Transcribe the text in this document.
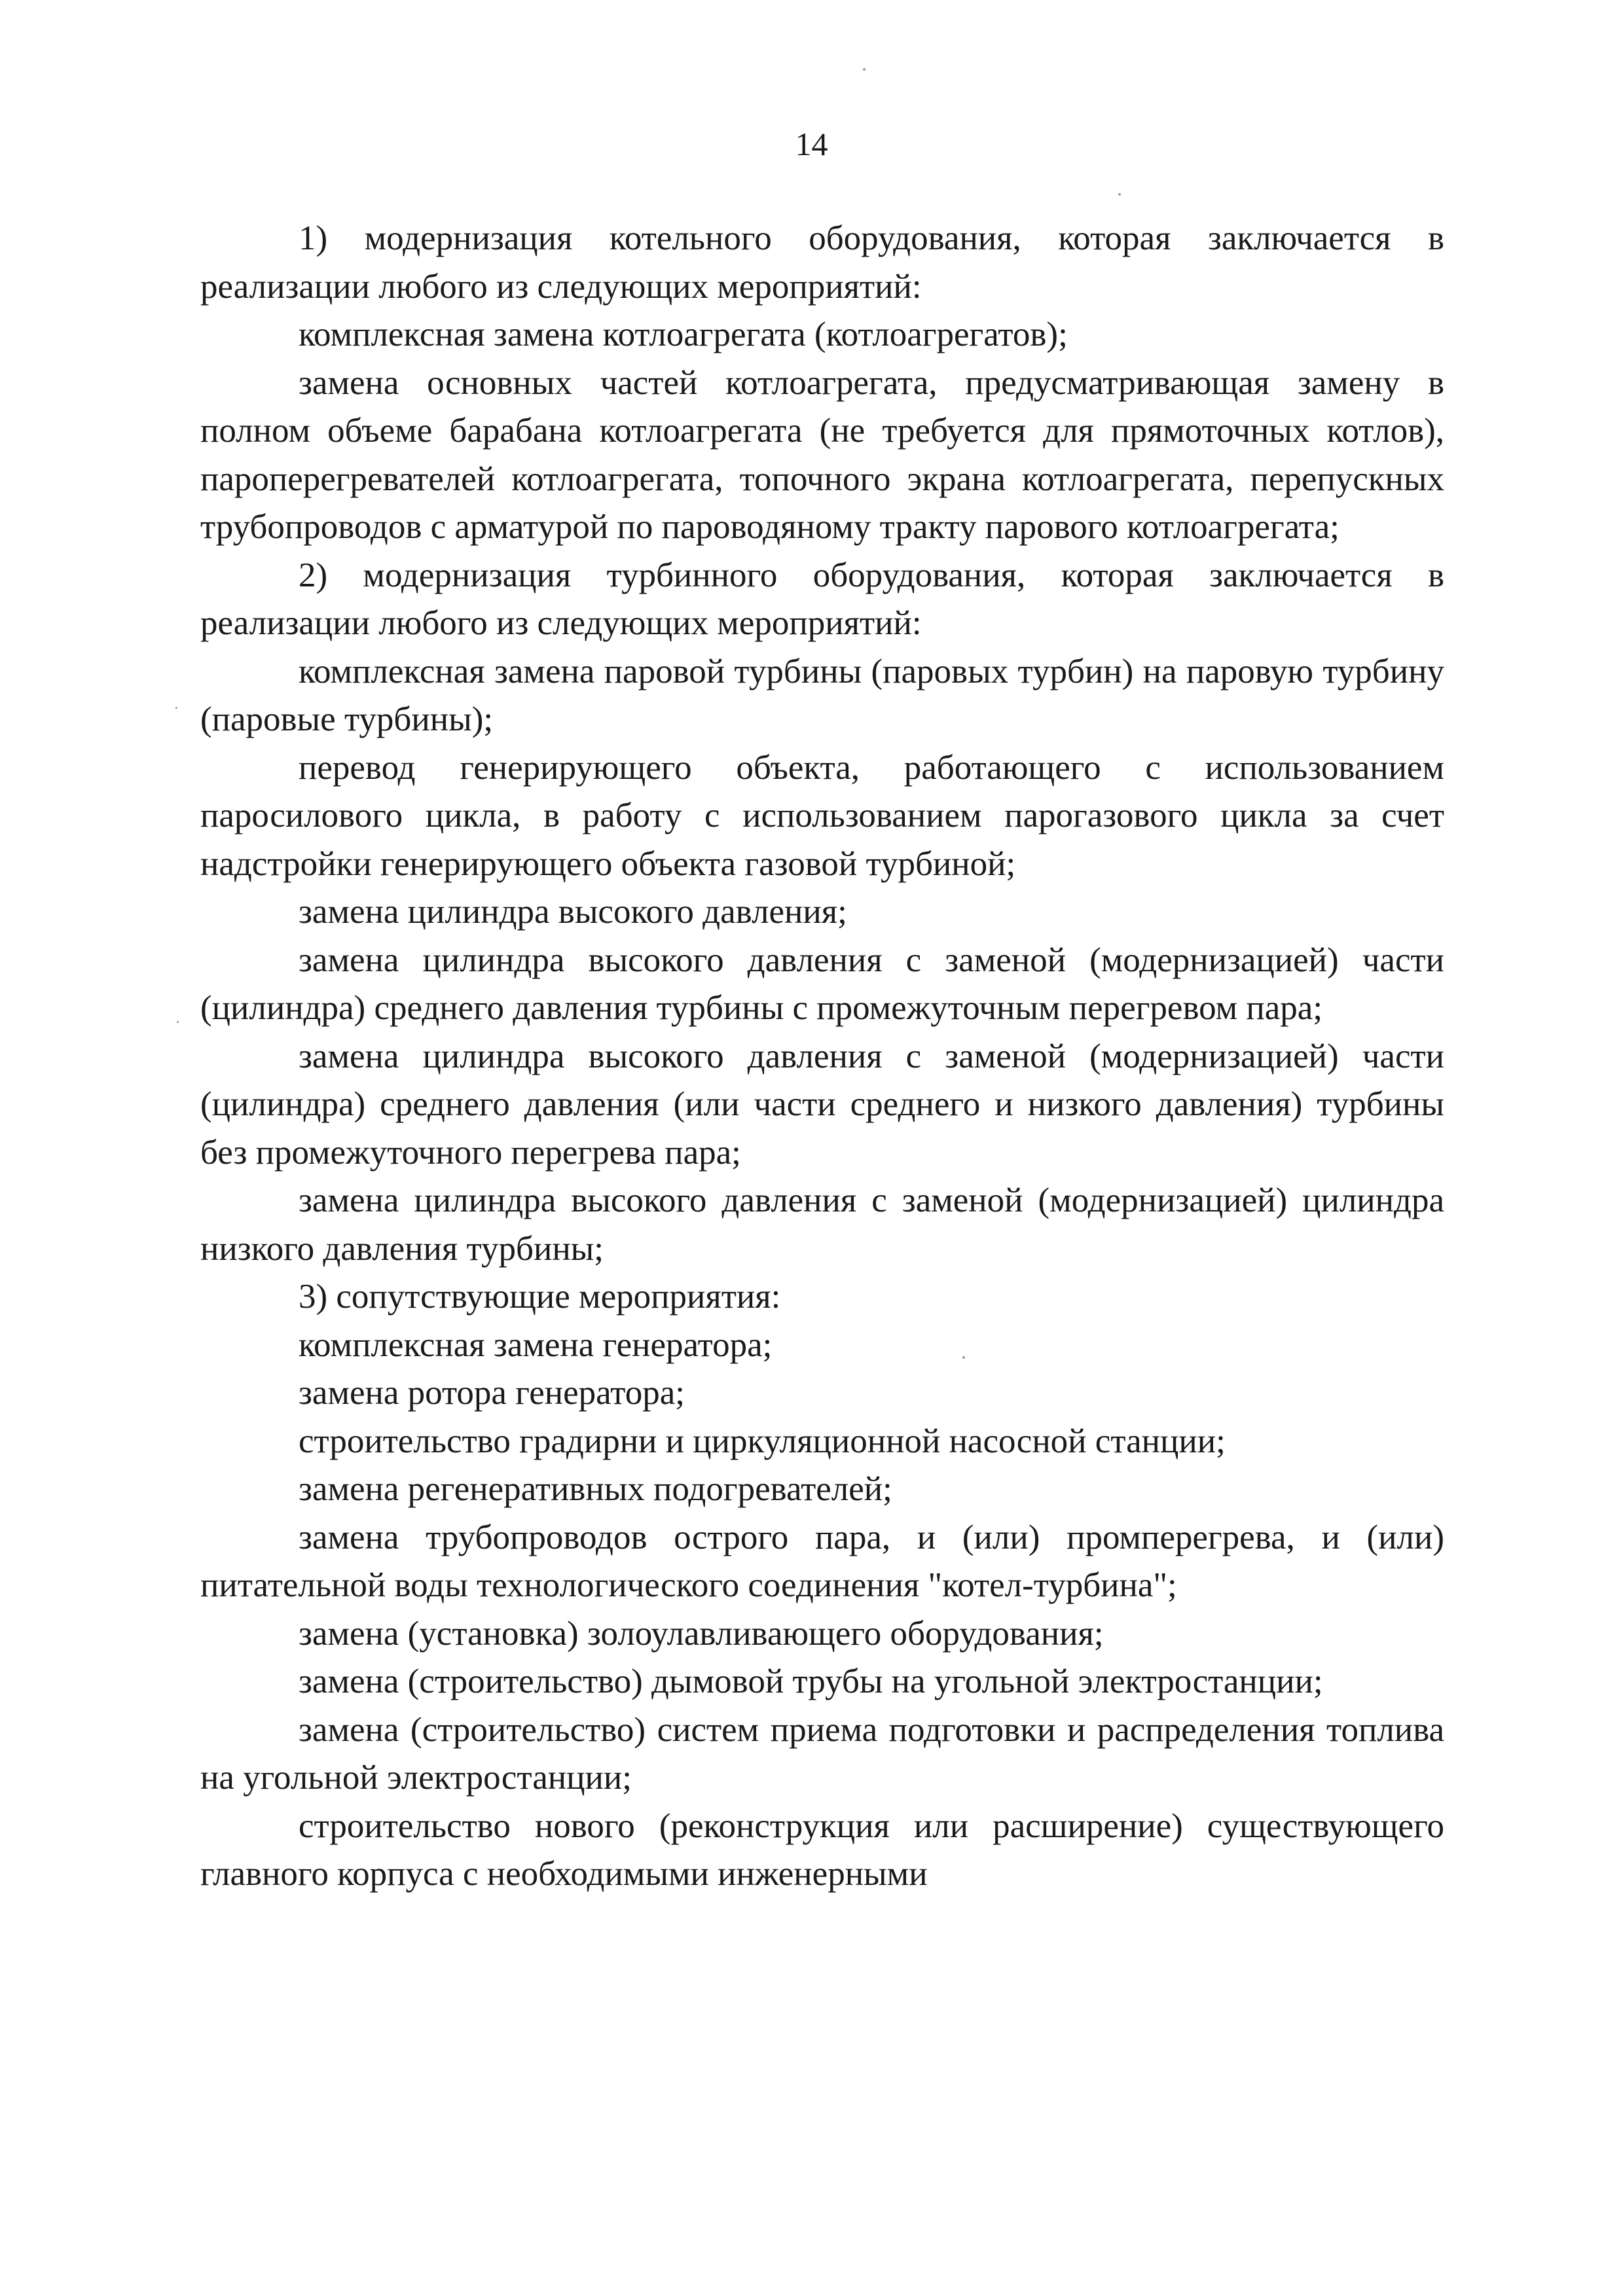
14

1) модернизация котельного оборудования, которая заключается в реализации любого из следующих мероприятий:

комплексная замена котлоагрегата (котлоагрегатов);

замена основных частей котлоагрегата, предусматривающая замену в полном объеме барабана котлоагрегата (не требуется для прямоточных котлов), пароперегревателей котлоагрегата, топочного экрана котлоагрегата, перепускных трубопроводов с арматурой по пароводяному тракту парового котлоагрегата;

2) модернизация турбинного оборудования, которая заключается в реализации любого из следующих мероприятий:

комплексная замена паровой турбины (паровых турбин) на паровую турбину (паровые турбины);

перевод генерирующего объекта, работающего с использованием паросилового цикла, в работу с использованием парогазового цикла за счет надстройки генерирующего объекта газовой турбиной;

замена цилиндра высокого давления;

замена цилиндра высокого давления с заменой (модернизацией) части (цилиндра) среднего давления турбины с промежуточным перегревом пара;

замена цилиндра высокого давления с заменой (модернизацией) части (цилиндра) среднего давления (или части среднего и низкого давления) турбины без промежуточного перегрева пара;

замена цилиндра высокого давления с заменой (модернизацией) цилиндра низкого давления турбины;

3) сопутствующие мероприятия:

комплексная замена генератора;

замена ротора генератора;

строительство градирни и циркуляционной насосной станции;

замена регенеративных подогревателей;

замена трубопроводов острого пара, и (или) промперегрева, и (или) питательной воды технологического соединения "котел-турбина";

замена (установка) золоулавливающего оборудования;

замена (строительство) дымовой трубы на угольной электростанции;

замена (строительство) систем приема подготовки и распределения топлива на угольной электростанции;

строительство нового (реконструкция или расширение) существующего главного корпуса с необходимыми инженерными
